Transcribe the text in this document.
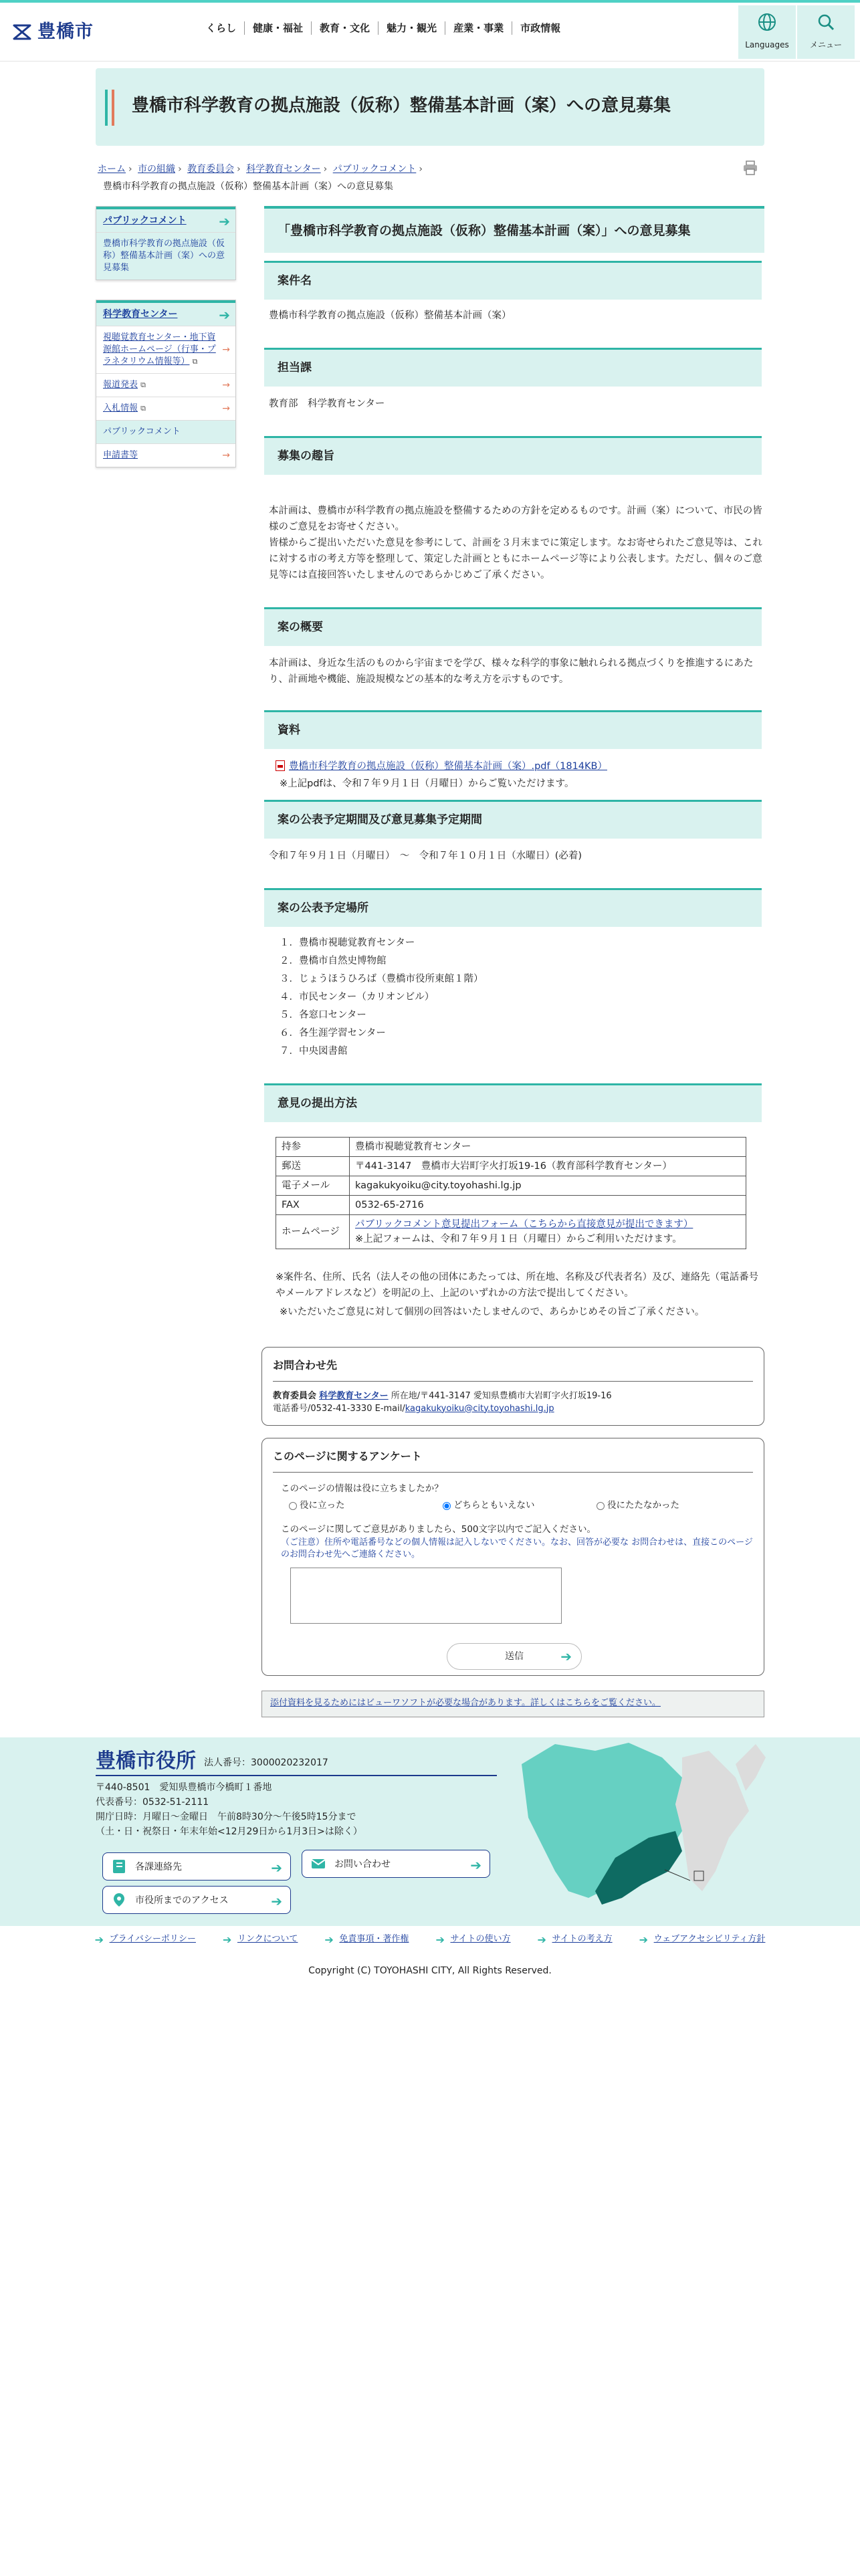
豊橋市	くらし	健康・福祉	教育・文化	魅力・観光	産業・事業	市政情報
Languages	メニュー
豊橋市科学教育の拠点施設（仮称）整備基本計画（案）への意見募集
ホーム › 市の組織 › 教育委員会 › 科学教育センター › パブリックコメント ›
豊橋市科学教育の拠点施設（仮称）整備基本計画（案）への意見募集
パブリックコメント ➔
豊橋市科学教育の拠点施設（仮称）整備基本計画（案）への意見募集
科学教育センター	➔
視聴覚教育センター・地下資源館ホームページ（行事・プラネタリウム情報等） ⧉
→
報道発表 ⧉	→
入札情報 ⧉	→
パブリックコメント
申請書等	→
「豊橋市科学教育の拠点施設（仮称）整備基本計画（案）」への意見募集
案件名
豊橋市科学教育の拠点施設（仮称）整備基本計画（案）
担当課
教育部　科学教育センター
募集の趣旨
本計画は、豊橋市が科学教育の拠点施設を整備するための方針を定めるものです。計画（案）について、市民の皆様のご意見をお寄せください。
皆様からご提出いただいた意見を参考にして、計画を３月末までに策定します。なお寄せられたご意見等は、これに対する市の考え方等を整理して、策定した計画とともにホームページ等により公表します。ただし、個々のご意見等には直接回答いたしませんのであらかじめご了承ください。
案の概要
本計画は、身近な生活のものから宇宙までを学び、様々な科学的事象に触れられる拠点づくりを推進するにあたり、計画地や機能、施設規模などの基本的な考え方を示すものです。
資料
豊橋市科学教育の拠点施設（仮称）整備基本計画（案）.pdf（1814KB）
※上記pdfは、令和７年９月１日（月曜日）からご覧いただけます。
案の公表予定期間及び意見募集予定期間
令和７年９月１日（月曜日）　〜　令和７年１０月１日（水曜日）(必着)
案の公表予定場所
１．豊橋市視聴覚教育センター
２．豊橋市自然史博物館
３．じょうほうひろば（豊橋市役所東館１階）
４．市民センター（カリオンビル）
５．各窓口センター
６．各生涯学習センター
７．中央図書館
意見の提出方法
持参	豊橋市視聴覚教育センター
郵送	〒441-3147　豊橋市大岩町字火打坂19-16（教育部科学教育センター）
電子メール	kagakukyoiku@city.toyohashi.lg.jp
FAX	0532-65-2716
ホームページ	パブリックコメント意見提出フォーム（こちらから直接意見が提出できます）
※上記フォームは、令和７年９月１日（月曜日）からご利用いただけます。
※案件名、住所、氏名（法人その他の団体にあたっては、所在地、名称及び代表者名）及び、連絡先（電話番号やメールアドレスなど）を明記の上、上記のいずれかの方法で提出してください。
※いただいたご意見に対して個別の回答はいたしませんので、あらかじめその旨ご了承ください。
お問合わせ先
教育委員会 科学教育センター 所在地/〒441-3147 愛知県豊橋市大岩町字火打坂19-16
電話番号/0532-41-3330 E-mail/kagakukyoiku@city.toyohashi.lg.jp
このページに関するアンケート
このページの情報は役に立ちましたか？
役に立った	どちらともいえない	役にたたなかった
このページに関してご意見がありましたら、500文字以内でご記入ください。
（ご注意）住所や電話番号などの個人情報は記入しないでください。なお、回答が必要な お問合わせは、直接このページのお問合わせ先へご連絡ください。
送信	➔
添付資料を見るためにはビューワソフトが必要な場合があります。詳しくはこちらをご覧ください。
豊橋市役所 法人番号：3000020232017
〒440-8501　愛知県豊橋市今橋町１番地
代表番号：0532-51-2111
開庁日時：月曜日〜金曜日　午前8時30分〜午後5時15分まで
（土・日・祝祭日・年末年始<12月29日から1月3日>は除く）
各課連絡先	➔	お問い合わせ	➔
市役所までのアクセス	➔
➔ プライバシーポリシー	➔ リンクについて	➔ 免責事項・著作権	➔ サイトの使い方	➔ サイトの考え方	➔ ウェブアクセシビリティ方針
Copyright (C) TOYOHASHI CITY, All Rights Reserved.
